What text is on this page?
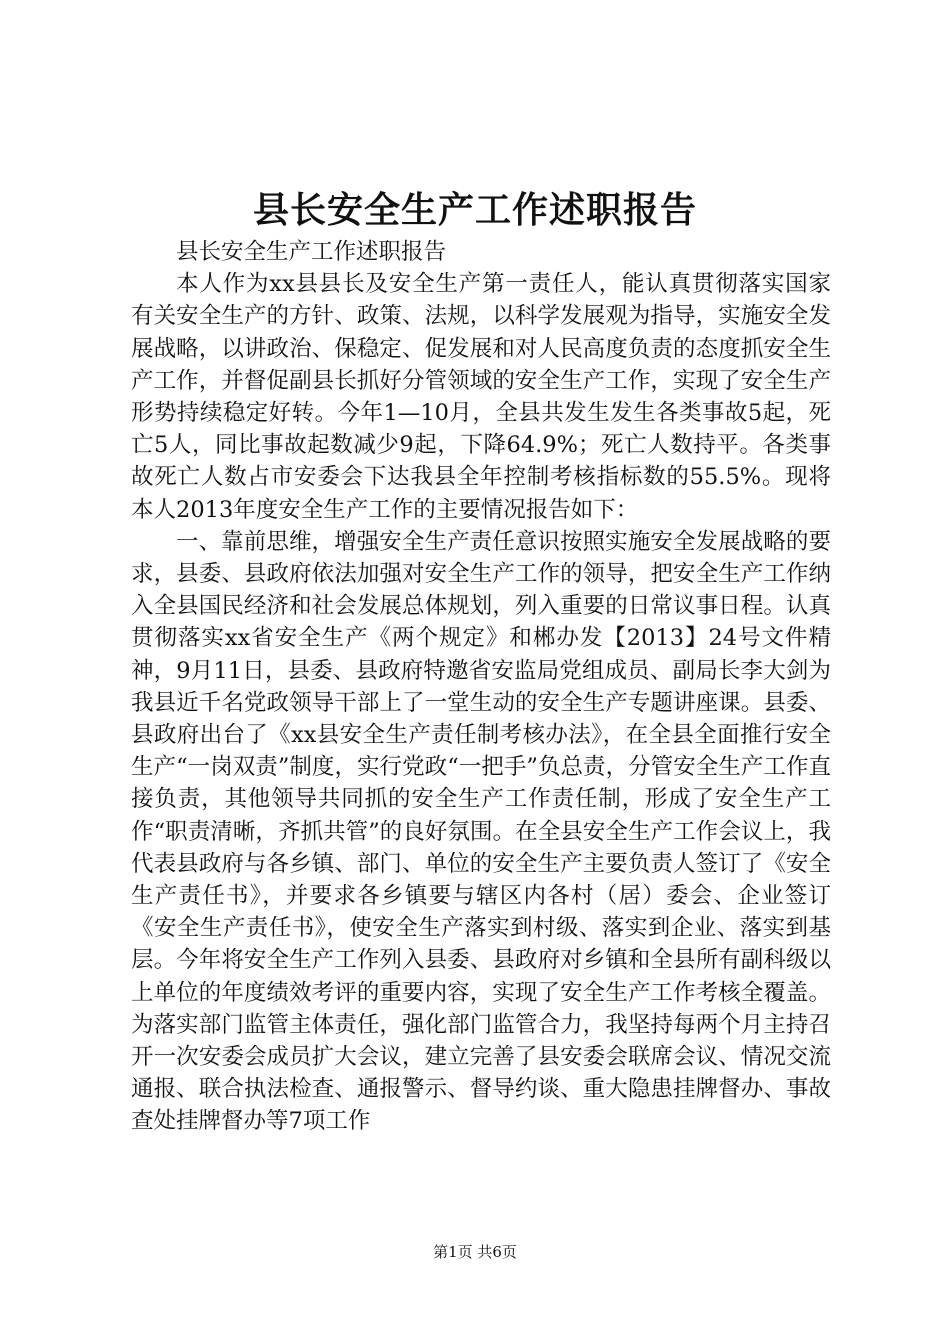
县长安全生产工作述职报告

县长安全生产工作述职报告

本人作为xx县县长及安全生产第一责任人，能认真贯彻落实国家有关安全生产的方针、政策、法规，以科学发展观为指导，实施安全发展战略，以讲政治、保稳定、促发展和对人民高度负责的态度抓安全生产工作，并督促副县长抓好分管领域的安全生产工作，实现了安全生产形势持续稳定好转。今年1—10月，全县共发生发生各类事故5起，死亡5人，同比事故起数减少9起，下降64.9%；死亡人数持平。各类事故死亡人数占市安委会下达我县全年控制考核指标数的55.5%。现将本人2013年度安全生产工作的主要情况报告如下：

一、靠前思维，增强安全生产责任意识按照实施安全发展战略的要求，县委、县政府依法加强对安全生产工作的领导，把安全生产工作纳入全县国民经济和社会发展总体规划，列入重要的日常议事日程。认真贯彻落实xx省安全生产《两个规定》和郴办发【2013】24号文件精神，9月11日，县委、县政府特邀省安监局党组成员、副局长李大剑为我县近千名党政领导干部上了一堂生动的安全生产专题讲座课。县委、县政府出台了《xx县安全生产责任制考核办法》，在全县全面推行安全生产“一岗双责”制度，实行党政“一把手”负总责，分管安全生产工作直接负责，其他领导共同抓的安全生产工作责任制，形成了安全生产工作“职责清晰，齐抓共管”的良好氛围。在全县安全生产工作会议上，我代表县政府与各乡镇、部门、单位的安全生产主要负责人签订了《安全生产责任书》，并要求各乡镇要与辖区内各村（居）委会、企业签订《安全生产责任书》，使安全生产落实到村级、落实到企业、落实到基层。今年将安全生产工作列入县委、县政府对乡镇和全县所有副科级以上单位的年度绩效考评的重要内容，实现了安全生产工作考核全覆盖。为落实部门监管主体责任，强化部门监管合力，我坚持每两个月主持召开一次安委会成员扩大会议，建立完善了县安委会联席会议、情况交流通报、联合执法检查、通报警示、督导约谈、重大隐患挂牌督办、事故查处挂牌督办等7项工作

第1页 共6页
